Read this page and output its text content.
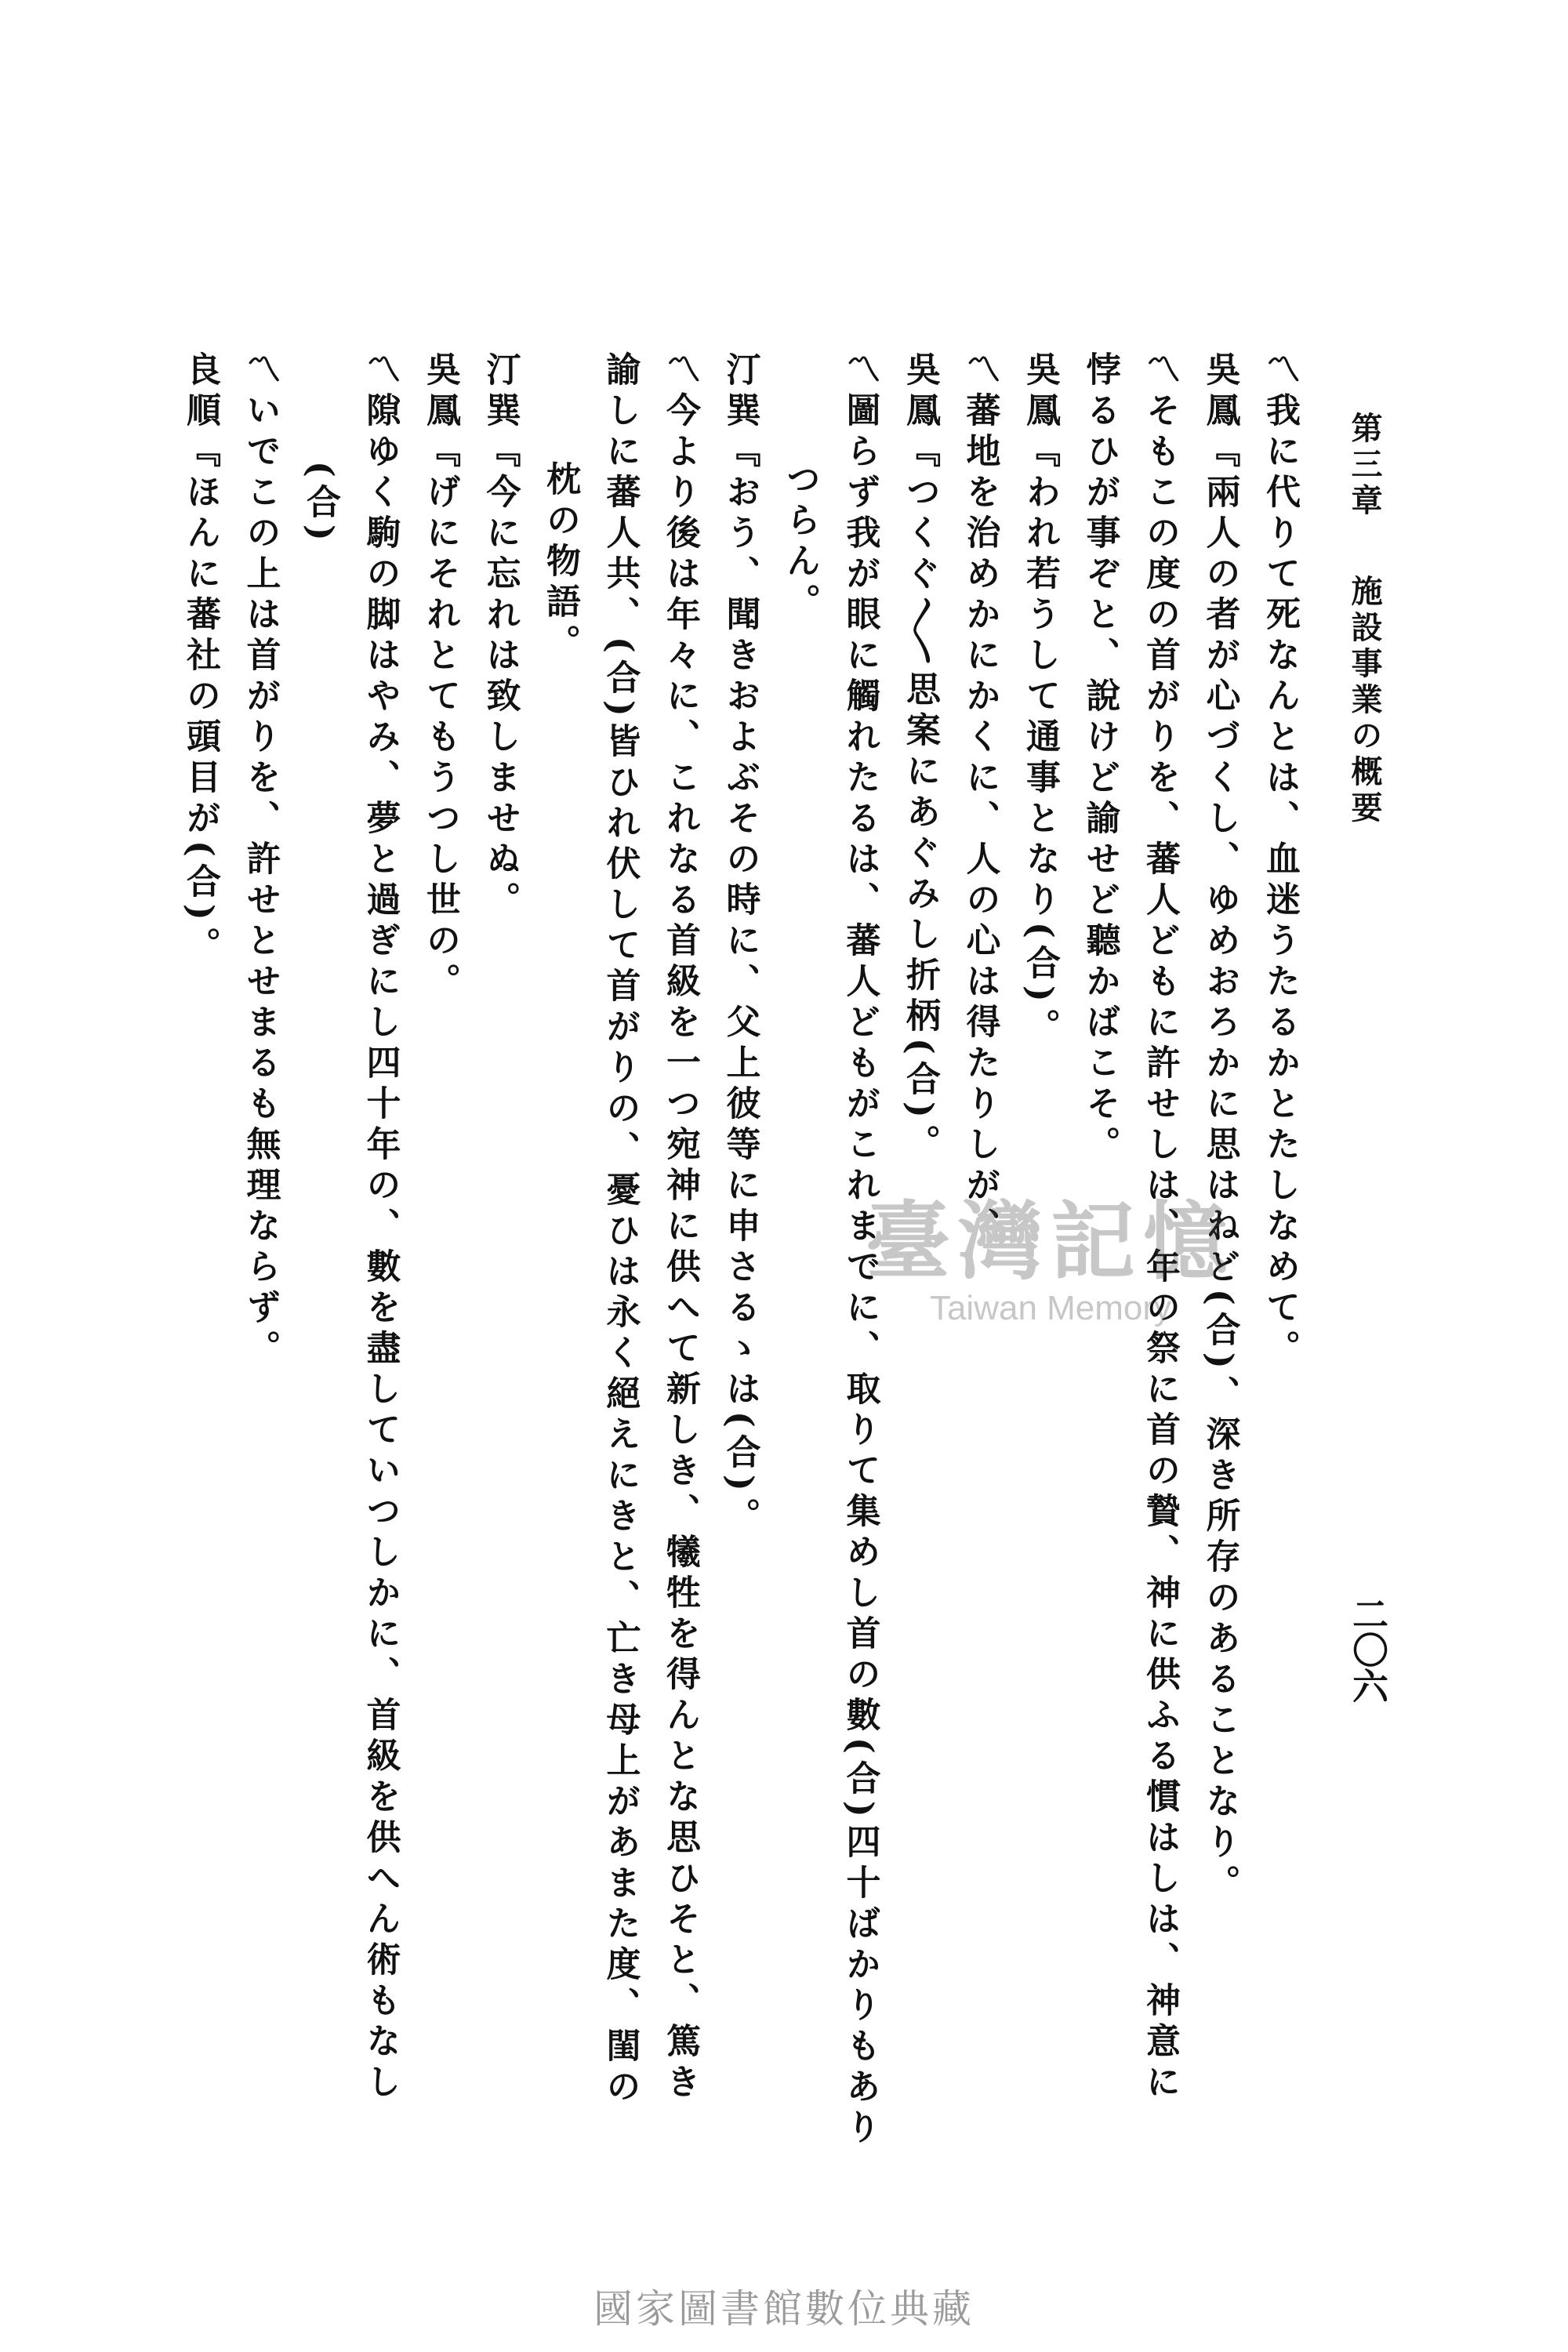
第三章施設事業の概要
二〇六
〽我に代りて死なんとは、血迷うたるかとたしなめて。
吳鳳『兩人の者が心づくし、ゆめおろかに思はねど(合)、深き所存のあることなり。
〽そもこの度の首がりを、蕃人どもに許せしは、年の祭に首の贄、神に供ふる慣はしは、神意に
悖るひが事ぞと、說けど諭せど聽かばこそ。
吳鳳『われ若うして通事となり(合)。
〽蕃地を治めかにかくに、人の心は得たりしが、
吳鳳『つくぐ〳〵思案にあぐみし折柄(合)。
〽圖らず我が眼に觸れたるは、蕃人どもがこれまでに、取りて集めし首の數(合)四十ばかりもあり
つらん。
汀巽『おう、聞きおよぶその時に、父上彼等に申さるゝは(合)。
〽今より後は年々に、これなる首級を一つ宛神に供へて新しき、犧牲を得んとな思ひそと、篤き
諭しに蕃人共、(合)皆ひれ伏して首がりの、憂ひは永く絕えにきと、亡き母上があまた度、閨の
枕の物語。
汀巽『今に忘れは致しませぬ。
吳鳳『げにそれとてもうつし世の。
〽隙ゆく駒の脚はやみ、夢と過ぎにし四十年の、數を盡していつしかに、首級を供へん術もなし
(合)
〽いでこの上は首がりを、許せとせまるも無理ならず。
良順『ほんに蕃社の頭目が(合)。
臺灣記憶
Taiwan Memory
國家圖書館數位典藏
